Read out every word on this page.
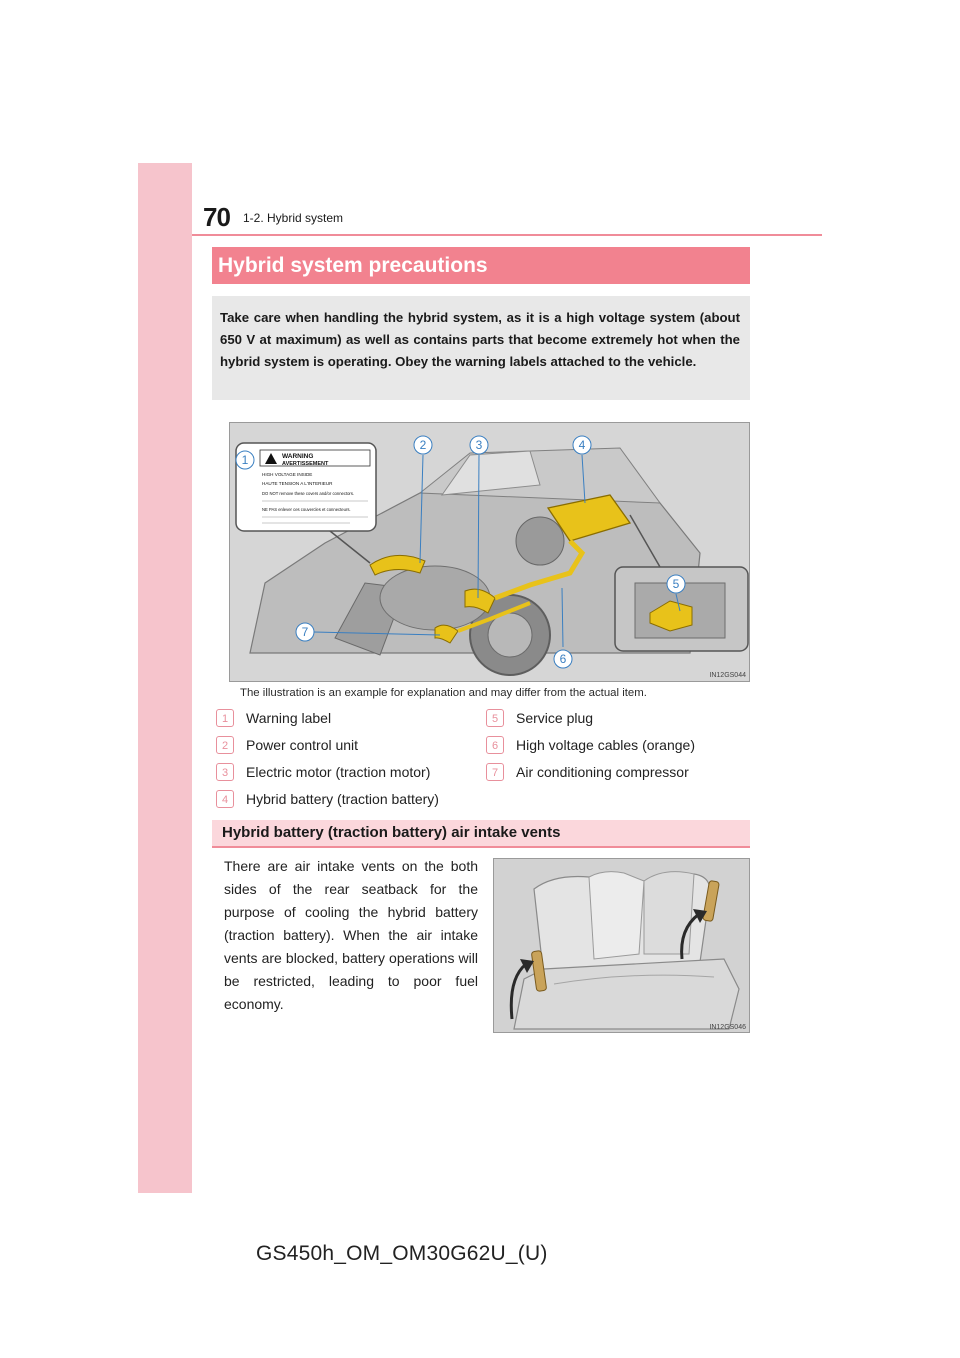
70 1-2. Hybrid system
Hybrid system precautions
Take care when handling the hybrid system, as it is a high voltage system (about 650 V at maximum) as well as contains parts that become extremely hot when the hybrid system is operating. Obey the warning labels attached to the vehicle.
WARNING
AVERTISSEMENT
HIGH VOLTAGE INSIDE
HAUTE TENSION A L'INTERIEUR
DO NOT remove these covers and/or connectors.
NE PAS enlever ces couvercles et connecteurs.
1
2	3	4
5
6
7
IN12GS044
The illustration is an example for explanation and may differ from the actual item.
1	Warning label
2	Power control unit
3	Electric motor (traction motor)
4	Hybrid battery (traction battery)
5	Service plug
6	High voltage cables (orange)
7	Air conditioning compressor
Hybrid battery (traction battery) air intake vents
There are air intake vents on the both sides of the rear seatback for the purpose of cooling the hybrid battery (traction battery). When the air intake vents are blocked, battery operations will be restricted, leading to poor fuel economy.
IN12GS046
GS450h_OM_OM30G62U_(U)
